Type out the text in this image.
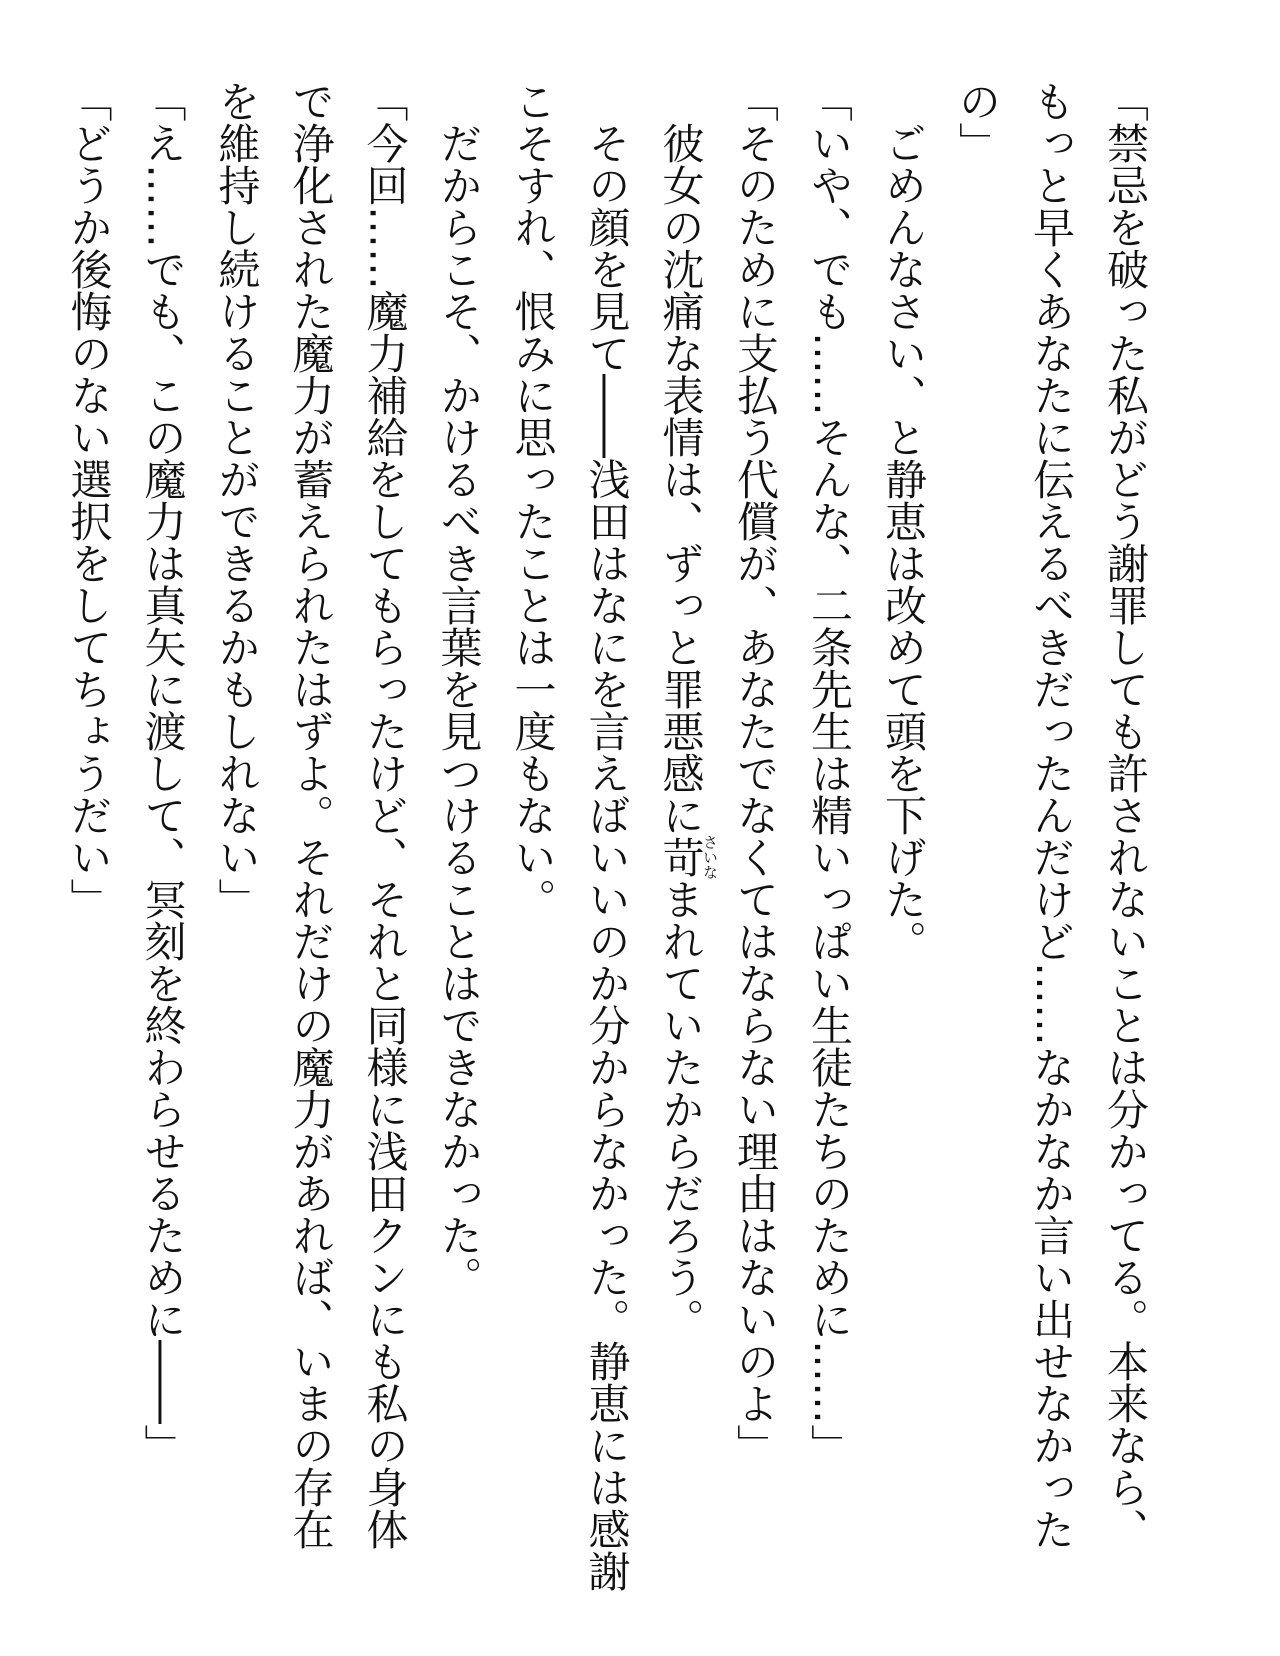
「禁忌を破った私がどう謝罪しても許されないことは分かってる。本来なら、

もっと早くあなたに伝えるべきだったんだけど……なかなか言い出せなかった

の」

　ごめんなさい、と静恵は改めて頭を下げた。

「いや、でも……そんな、二条先生は精いっぱい生徒たちのために……」

「そのために支払う代償が、あなたでなくてはならない理由はないのよ」

　彼女の沈痛な表情は、ずっと罪悪感に苛さいなまれていたからだろう。

　その顔を見て――浅田はなにを言えばいいのか分からなかった。静恵には感謝

こそすれ、恨みに思ったことは一度もない。

　だからこそ、かけるべき言葉を見つけることはできなかった。

「今回……魔力補給をしてもらったけど、それと同様に浅田クンにも私の身体

で浄化された魔力が蓄えられたはずよ。それだけの魔力があれば、いまの存在

を維持し続けることができるかもしれない」

「え……でも、この魔力は真矢に渡して、冥刻を終わらせるために――」

「どうか後悔のない選択をしてちょうだい」
